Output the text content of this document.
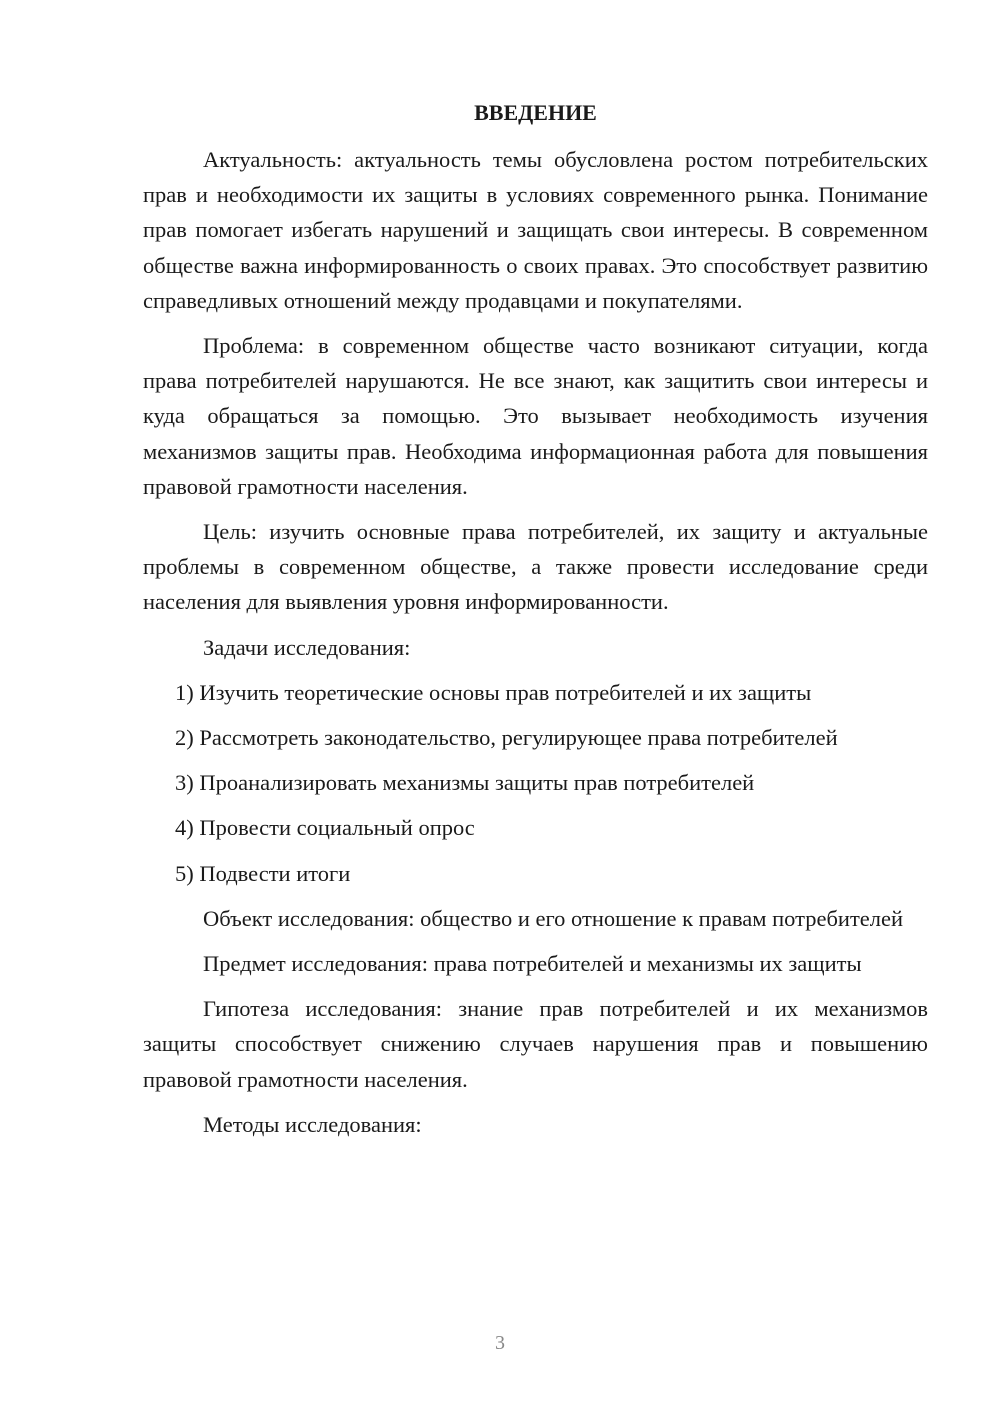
ВВЕДЕНИЕ

Актуальность: актуальность темы обусловлена ростом потребительских прав и необходимости их защиты в условиях современного рынка. Понимание прав помогает избегать нарушений и защищать свои интересы. В современном обществе важна информированность о своих правах. Это способствует развитию справедливых отношений между продавцами и покупателями.

Проблема: в современном обществе часто возникают ситуации, когда права потребителей нарушаются. Не все знают, как защитить свои интересы и куда обращаться за помощью. Это вызывает необходимость изучения механизмов защиты прав. Необходима информационная работа для повышения правовой грамотности населения.

Цель: изучить основные права потребителей, их защиту и актуальные проблемы в современном обществе, а также провести исследование среди населения для выявления уровня информированности.

Задачи исследования:

1) Изучить теоретические основы прав потребителей и их защиты
2) Рассмотреть законодательство, регулирующее права потребителей
3) Проанализировать механизмы защиты прав потребителей
4) Провести социальный опрос
5) Подвести итоги

Объект исследования: общество и его отношение к правам потребителей

Предмет исследования: права потребителей и механизмы их защиты

Гипотеза исследования: знание прав потребителей и их механизмов защиты способствует снижению случаев нарушения прав и повышению правовой грамотности населения.

Методы исследования:

3
